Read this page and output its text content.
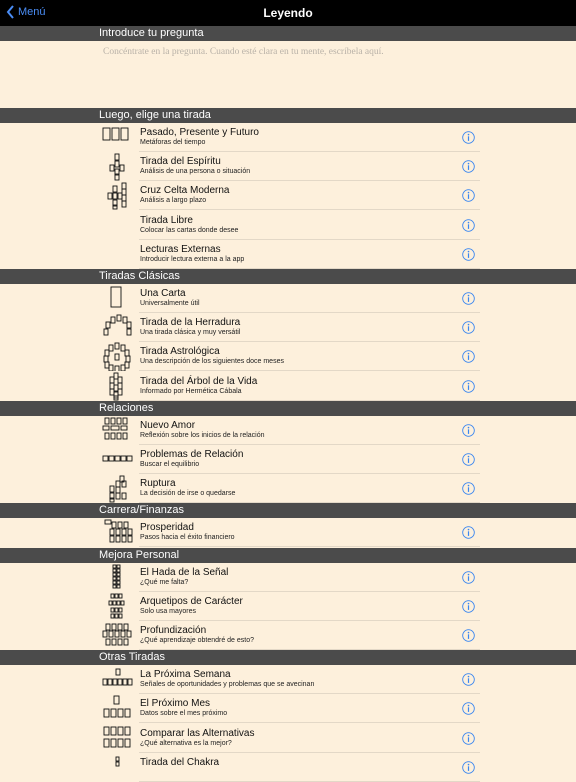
Menú	Leyendo
Introduce tu pregunta
Concéntrate en la pregunta. Cuando esté clara en tu mente, escríbela aquí.
Luego, elige una tirada
Pasado, Presente y Futuro
Metáforas del tiempo
Tirada del Espíritu
Análisis de una persona o situación
Cruz Celta Moderna
Análisis a largo plazo
Tirada Libre
Colocar las cartas donde desee
Lecturas Externas
Introducir lectura externa a la app
Tiradas Clásicas
Una Carta
Universalmente útil
Tirada de la Herradura
Una tirada clásica y muy versátil
Tirada Astrológica
Una descripción de los siguientes doce meses
Tirada del Árbol de la Vida
Informado por Hermética Cábala
Relaciones
Nuevo Amor
Reflexión sobre los inicios de la relación
Problemas de Relación
Buscar el equilibrio
Ruptura
La decisión de irse o quedarse
Carrera/Finanzas
Prosperidad
Pasos hacia el éxito financiero
Mejora Personal
El Hada de la Señal
¿Qué me falta?
Arquetipos de Carácter
Solo usa mayores
Profundización
¿Qué aprendizaje obtendré de esto?
Otras Tiradas
La Próxima Semana
Señales de oportunidades y problemas que se avecinan
El Próximo Mes
Datos sobre el mes próximo
Comparar las Alternativas
¿Qué alternativa es la mejor?
Tirada del Chakra
